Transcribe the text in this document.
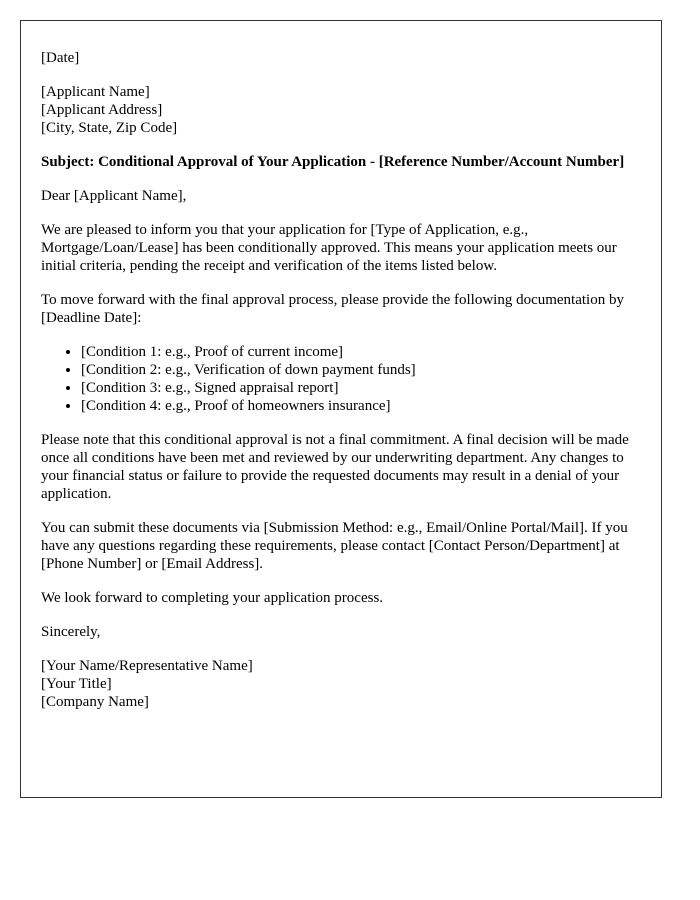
[Date]
[Applicant Name]
[Applicant Address]
[City, State, Zip Code]
Subject: Conditional Approval of Your Application - [Reference Number/Account Number]

Dear [Applicant Name],

We are pleased to inform you that your application for [Type of Application, e.g., Mortgage/Loan/Lease] has been conditionally approved. This means your application meets our initial criteria, pending the receipt and verification of the items listed below.

To move forward with the final approval process, please provide the following documentation by [Deadline Date]:

• [Condition 1: e.g., Proof of current income]
• [Condition 2: e.g., Verification of down payment funds]
• [Condition 3: e.g., Signed appraisal report]
• [Condition 4: e.g., Proof of homeowners insurance]

Please note that this conditional approval is not a final commitment. A final decision will be made once all conditions have been met and reviewed by our underwriting department. Any changes to your financial status or failure to provide the requested documents may result in a denial of your application.

You can submit these documents via [Submission Method: e.g., Email/Online Portal/Mail]. If you have any questions regarding these requirements, please contact [Contact Person/Department] at [Phone Number] or [Email Address].

We look forward to completing your application process.

Sincerely,

[Your Name/Representative Name]
[Your Title]
[Company Name]
